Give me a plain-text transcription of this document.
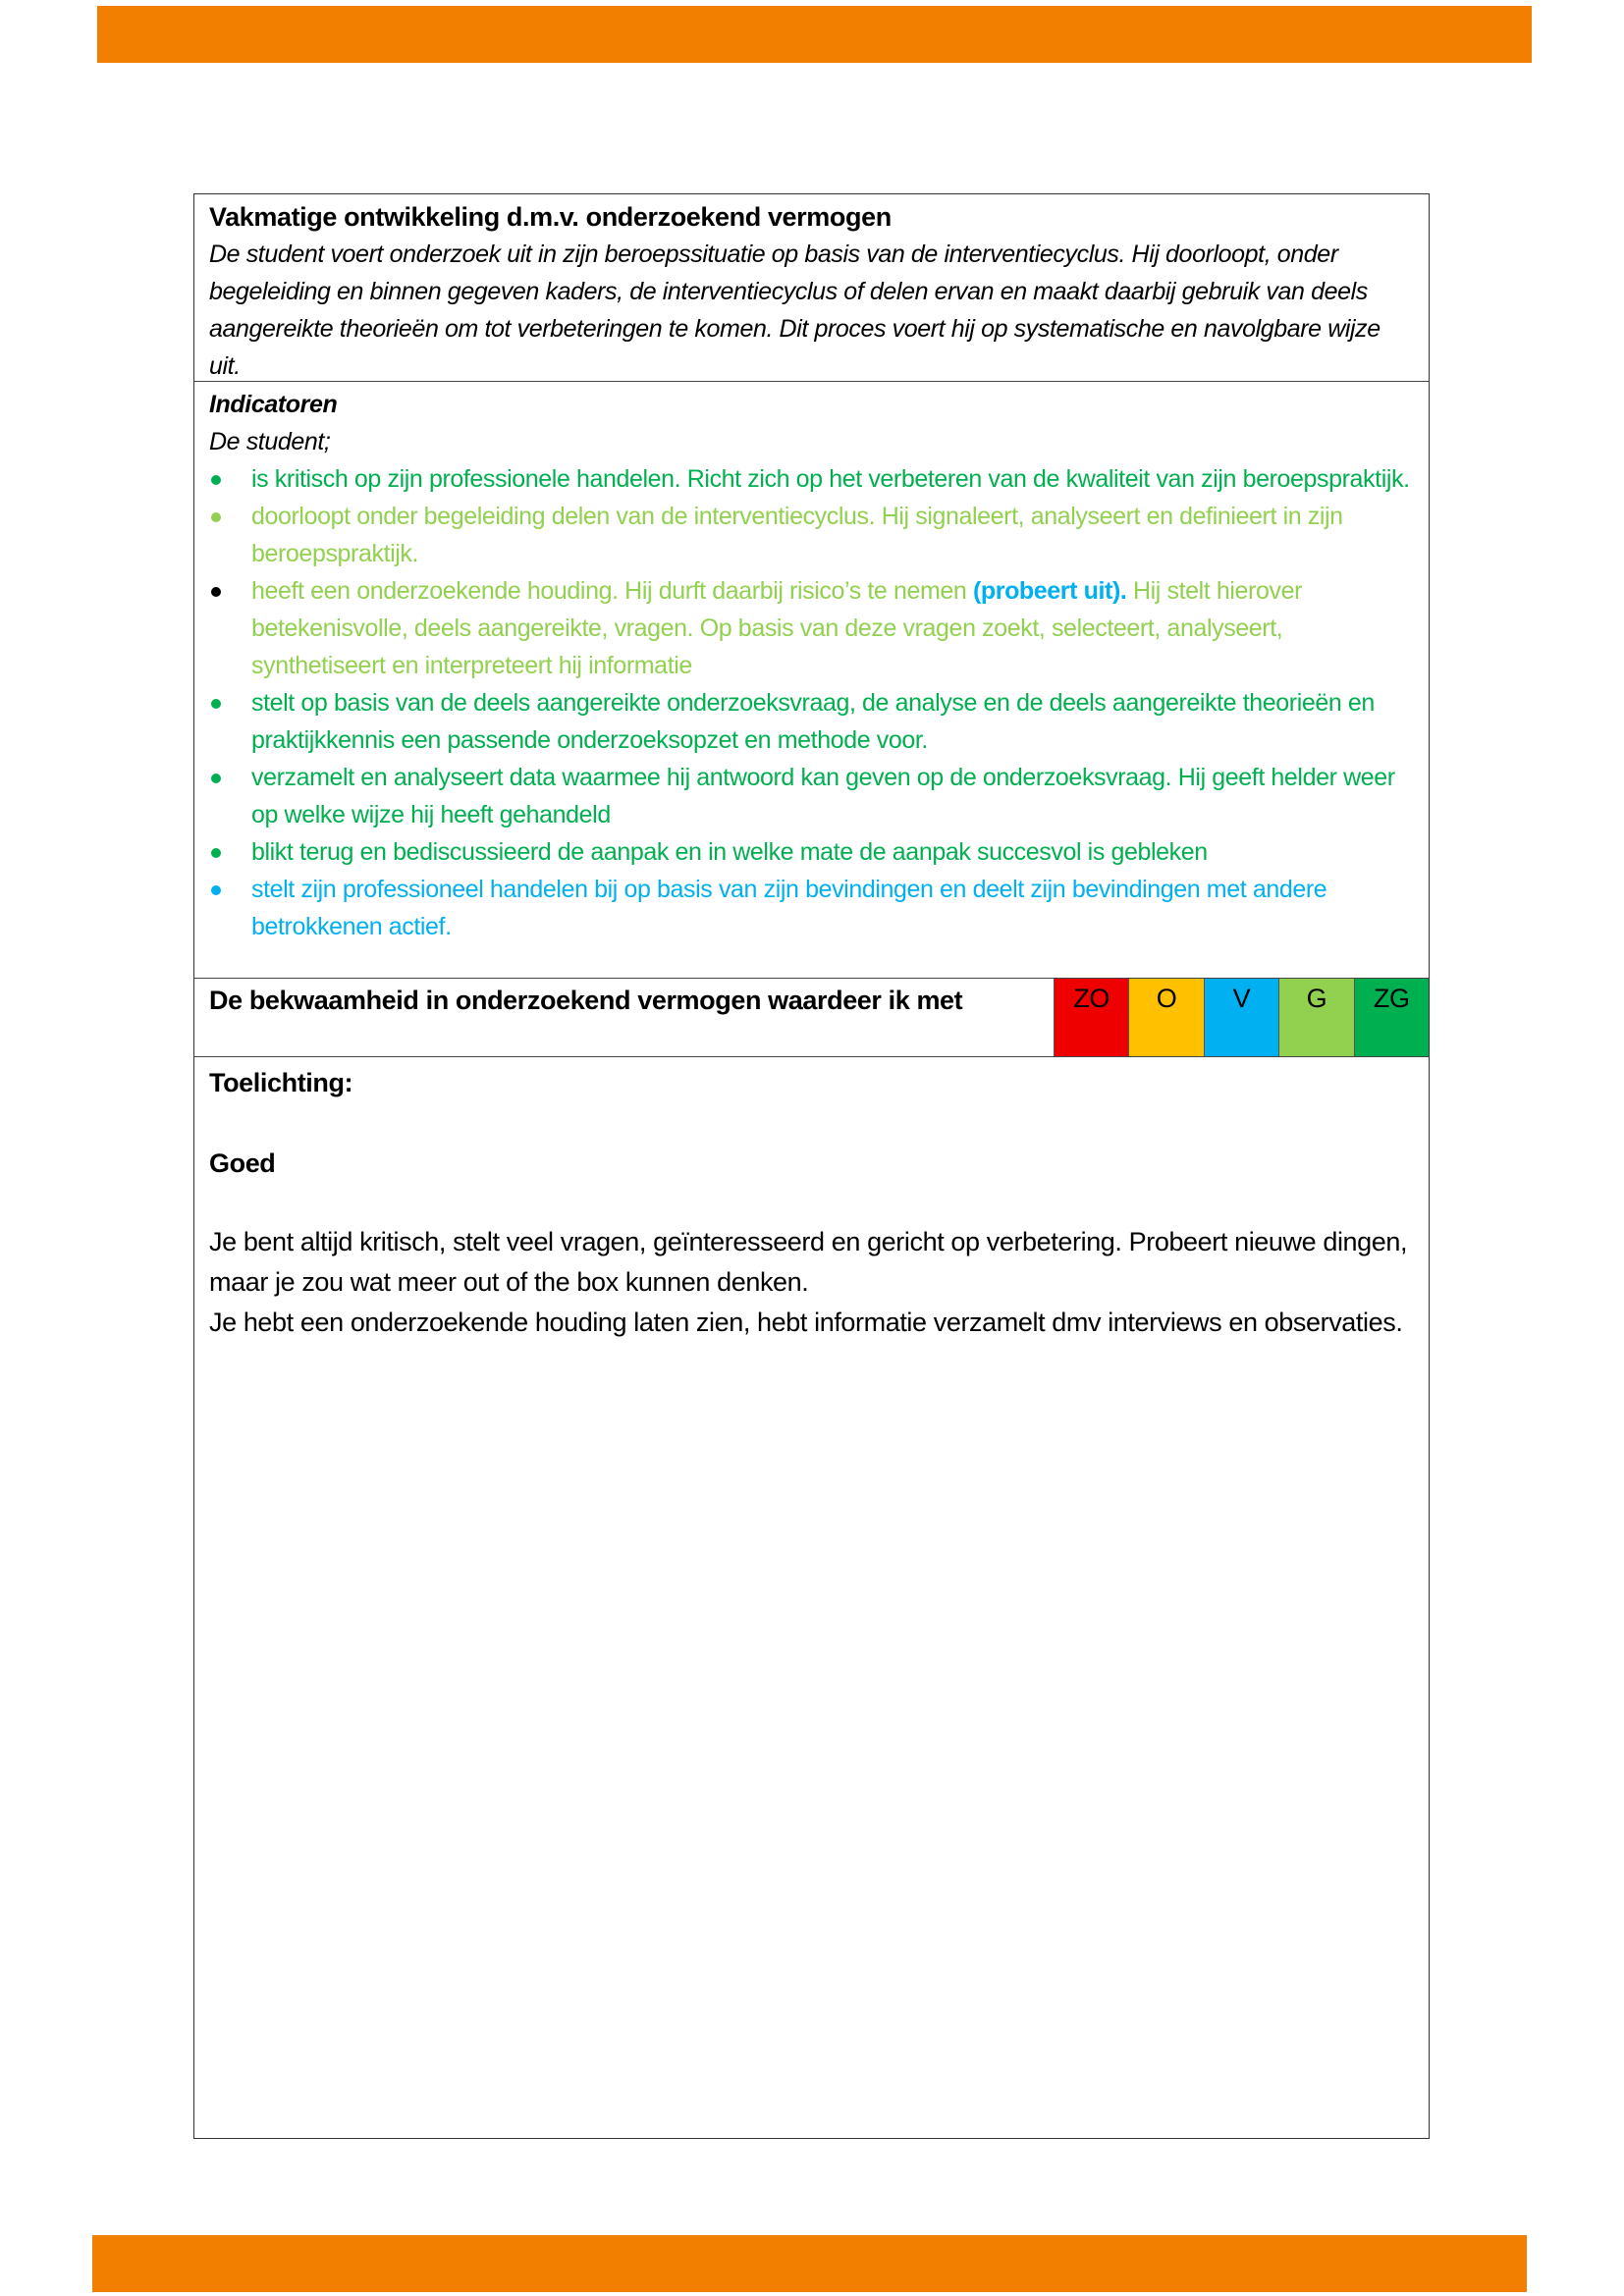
Vakmatige ontwikkeling d.m.v. onderzoekend vermogen
De student voert onderzoek uit in zijn beroepssituatie op basis van de interventiecyclus. Hij doorloopt, onder begeleiding en binnen gegeven kaders, de interventiecyclus of delen ervan en maakt daarbij gebruik van deels aangereikte theorieën om tot verbeteringen te komen. Dit proces voert hij op systematische en navolgbare wijze uit.
Indicatoren
De student;
is kritisch op zijn professionele handelen. Richt zich op het verbeteren van de kwaliteit van zijn beroepspraktijk.
doorloopt onder begeleiding delen van de interventiecyclus. Hij signaleert, analyseert en definieert in zijn beroepspraktijk.
heeft een onderzoekende houding. Hij durft daarbij risico’s te nemen (probeert uit). Hij stelt hierover betekenisvolle, deels aangereikte, vragen. Op basis van deze vragen zoekt, selecteert, analyseert, synthetiseert en interpreteert hij informatie
stelt op basis van de deels aangereikte onderzoeksvraag, de analyse en de deels aangereikte theorieën en praktijkkennis een passende onderzoeksopzet en methode voor.
verzamelt en analyseert data waarmee hij antwoord kan geven op de onderzoeksvraag. Hij geeft helder weer op welke wijze hij heeft gehandeld
blikt terug en bediscussieerd de aanpak en in welke mate de aanpak succesvol is gebleken
stelt zijn professioneel handelen bij op basis van zijn bevindingen en deelt zijn bevindingen met andere betrokkenen actief.
De bekwaamheid in onderzoekend vermogen waardeer ik met	ZO	O	V	G	ZG
Toelichting:
Goed
Je bent altijd kritisch, stelt veel vragen, geïnteresseerd en gericht op verbetering. Probeert nieuwe dingen, maar je zou wat meer out of the box kunnen denken.
Je hebt een onderzoekende houding laten zien, hebt informatie verzamelt dmv interviews en observaties.
